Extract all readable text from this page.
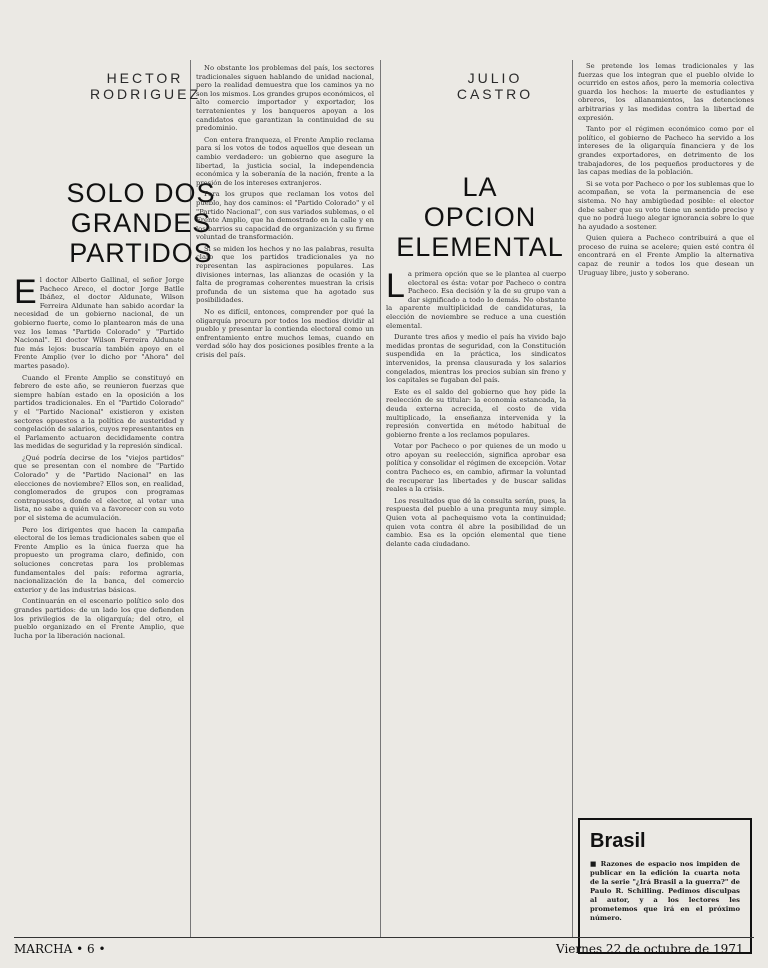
HECTOR
RODRIGUEZ
SOLO DOS
GRANDES
PARTIDOS

El doctor Alberto Gallinal, el señor Jorge Pacheco Areco, el doctor Jorge Batlle Ibáñez, el doctor Aldunate, Wilson Ferreira Aldunate han sabido acordar la necesidad de un gobierno nacional, de un gobierno fuerte, como lo plantearon más de una vez los lemas "Partido Colorado" y "Partido Nacional". El doctor Wilson Ferreira Aldunate fue más lejos: buscaría también apoyo en el Frente Amplio (ver lo dicho por "Ahora" del martes pasado).

Cuando el Frente Amplio se constituyó en febrero de este año, se reunieron fuerzas que siempre habían estado en la oposición a los partidos tradicionales. En el "Partido Colorado" y el "Partido Nacional" existieron y existen sectores opuestos a la política de austeridad y congelación de salarios, cuyos representantes en el Parlamento actuaron decididamente contra las medidas de seguridad y la represión sindical.

¿Qué podría decirse de los "viejos partidos" que se presentan con el nombre de "Partido Colorado" y de "Partido Nacional" en las elecciones de noviembre? Ellos son, en realidad, conglomerados de grupos con programas contrapuestos, donde el elector, al votar una lista, no sabe a quién va a favorecer con su voto por el sistema de acumulación.

Pero los dirigentes que hacen la campaña electoral de los lemas tradicionales saben que el Frente Amplio es la única fuerza que ha propuesto un programa claro, definido, con soluciones concretas para los problemas fundamentales del país: reforma agraria, nacionalización de la banca, del comercio exterior y de las industrias básicas.

Continuarán en el escenario político solo dos grandes partidos: de un lado los que defienden los privilegios de la oligarquía; del otro, el pueblo organizado en el Frente Amplio, que lucha por la liberación nacional.

No obstante los problemas del país, los sectores tradicionales siguen hablando de unidad nacional, pero la realidad demuestra que los caminos ya no son los mismos. Los grandes grupos económicos, el alto comercio importador y exportador, los terratenientes y los banqueros apoyan a los candidatos que garantizan la continuidad de su predominio.

Con entera franqueza, el Frente Amplio reclama para sí los votos de todos aquellos que desean un cambio verdadero: un gobierno que asegure la libertad, la justicia social, la independencia económica y la soberanía de la nación, frente a la presión de los intereses extranjeros.

Para los grupos que reclaman los votos del pueblo, hay dos caminos: el "Partido Colorado" y el "Partido Nacional", con sus variados sublemas, o el Frente Amplio, que ha demostrado en la calle y en los barrios su capacidad de organización y su firme voluntad de transformación.

Si se miden los hechos y no las palabras, resulta claro que los partidos tradicionales ya no representan las aspiraciones populares. Las divisiones internas, las alianzas de ocasión y la falta de programas coherentes muestran la crisis profunda de un sistema que ha agotado sus posibilidades.

No es difícil, entonces, comprender por qué la oligarquía procura por todos los medios dividir al pueblo y presentar la contienda electoral como un enfrentamiento entre muchos lemas, cuando en verdad sólo hay dos posiciones posibles frente a la crisis del país.

JULIO
CASTRO
LA
OPCION
ELEMENTAL

La primera opción que se le plantea al cuerpo electoral es ésta: votar por Pacheco o contra Pacheco. Esa decisión y la de su grupo van a dar significado a todo lo demás. No obstante la aparente multiplicidad de candidaturas, la elección de noviembre se reduce a una cuestión elemental.

Durante tres años y medio el país ha vivido bajo medidas prontas de seguridad, con la Constitución suspendida en la práctica, los sindicatos intervenidos, la prensa clausurada y los salarios congelados, mientras los precios subían sin freno y los capitales se fugaban del país.

Este es el saldo del gobierno que hoy pide la reelección de su titular: la economía estancada, la deuda externa acrecida, el costo de vida multiplicado, la enseñanza intervenida y la represión convertida en método habitual de gobierno frente a los reclamos populares.

Votar por Pacheco o por quienes de un modo u otro apoyan su reelección, significa aprobar esa política y consolidar el régimen de excepción. Votar contra Pacheco es, en cambio, afirmar la voluntad de recuperar las libertades y de buscar salidas reales a la crisis.

Los resultados que dé la consulta serán, pues, la respuesta del pueblo a una pregunta muy simple. Quien vota al pachequismo vota la continuidad; quien vota contra él abre la posibilidad de un cambio. Esa es la opción elemental que tiene delante cada ciudadano.

Se pretende los lemas tradicionales y las fuerzas que los integran que el pueblo olvide lo ocurrido en estos años, pero la memoria colectiva guarda los hechos: la muerte de estudiantes y obreros, los allanamientos, las detenciones arbitrarias y las medidas contra la libertad de expresión.

Tanto por el régimen económico como por el político, el gobierno de Pacheco ha servido a los intereses de la oligarquía financiera y de los grandes exportadores, en detrimento de los trabajadores, de los pequeños productores y de las capas medias de la población.

Si se vota por Pacheco o por los sublemas que lo acompañan, se vota la permanencia de ese sistema. No hay ambigüedad posible: el elector debe saber que su voto tiene un sentido preciso y que no podrá luego alegar ignorancia sobre lo que ha ayudado a sostener.

Quien quiera a Pacheco contribuirá a que el proceso de ruina se acelere; quien esté contra él encontrará en el Frente Amplio la alternativa capaz de reunir a todos los que desean un Uruguay libre, justo y soberano.

Brasil
■ Razones de espacio nos impiden de publicar en la edición la cuarta nota de la serie "¿Irá Brasil a la guerra?" de Paulo R. Schilling. Pedimos disculpas al autor, y a los lectores les prometemos que irá en el próximo número.
MARCHA • 6 •	Viernes 22 de octubre de 1971
